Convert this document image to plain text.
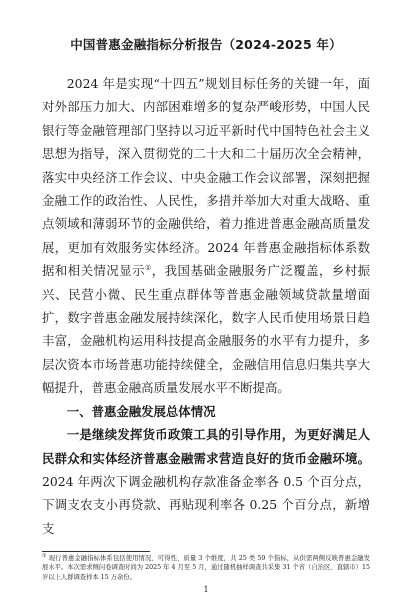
中国普惠金融指标分析报告（2024-2025 年）

2024 年是实现“十四五”规划目标任务的关键一年，面对外部压力加大、内部困难增多的复杂严峻形势，中国人民银行等金融管理部门坚持以习近平新时代中国特色社会主义思想为指导，深入贯彻党的二十大和二十届历次全会精神，落实中央经济工作会议、中央金融工作会议部署，深刻把握金融工作的政治性、人民性，多措并举加大对重大战略、重点领域和薄弱环节的金融供给，着力推进普惠金融高质量发展，更加有效服务实体经济。2024 年普惠金融指标体系数据和相关情况显示①，我国基础金融服务广泛覆盖，乡村振兴、民营小微、民生重点群体等普惠金融领域贷款量增面扩，数字普惠金融发展持续深化，数字人民币使用场景日趋丰富，金融机构运用科技提高金融服务的水平有力提升，多层次资本市场普惠功能持续健全，金融信用信息归集共享大幅提升，普惠金融高质量发展水平不断提高。

一、普惠金融发展总体情况

一是继续发挥货币政策工具的引导作用，为更好满足人民群众和实体经济普惠金融需求营造良好的货币金融环境。2024 年两次下调金融机构存款准备金率各 0.5 个百分点，下调支农支小再贷款、再贴现利率各 0.25 个百分点，新增支

① 现行普惠金融指标体系包括使用情况、可得性、质量 3 个维度，共 25 类 59 个指标，从供需两侧反映普惠金融发展水平。本次需求侧问卷调查时间为 2025 年 4 月至 5 月，通过随机抽样调查共采集 31 个省（自治区、直辖市）15 岁以上人群调查样本 15 万余份。
1
